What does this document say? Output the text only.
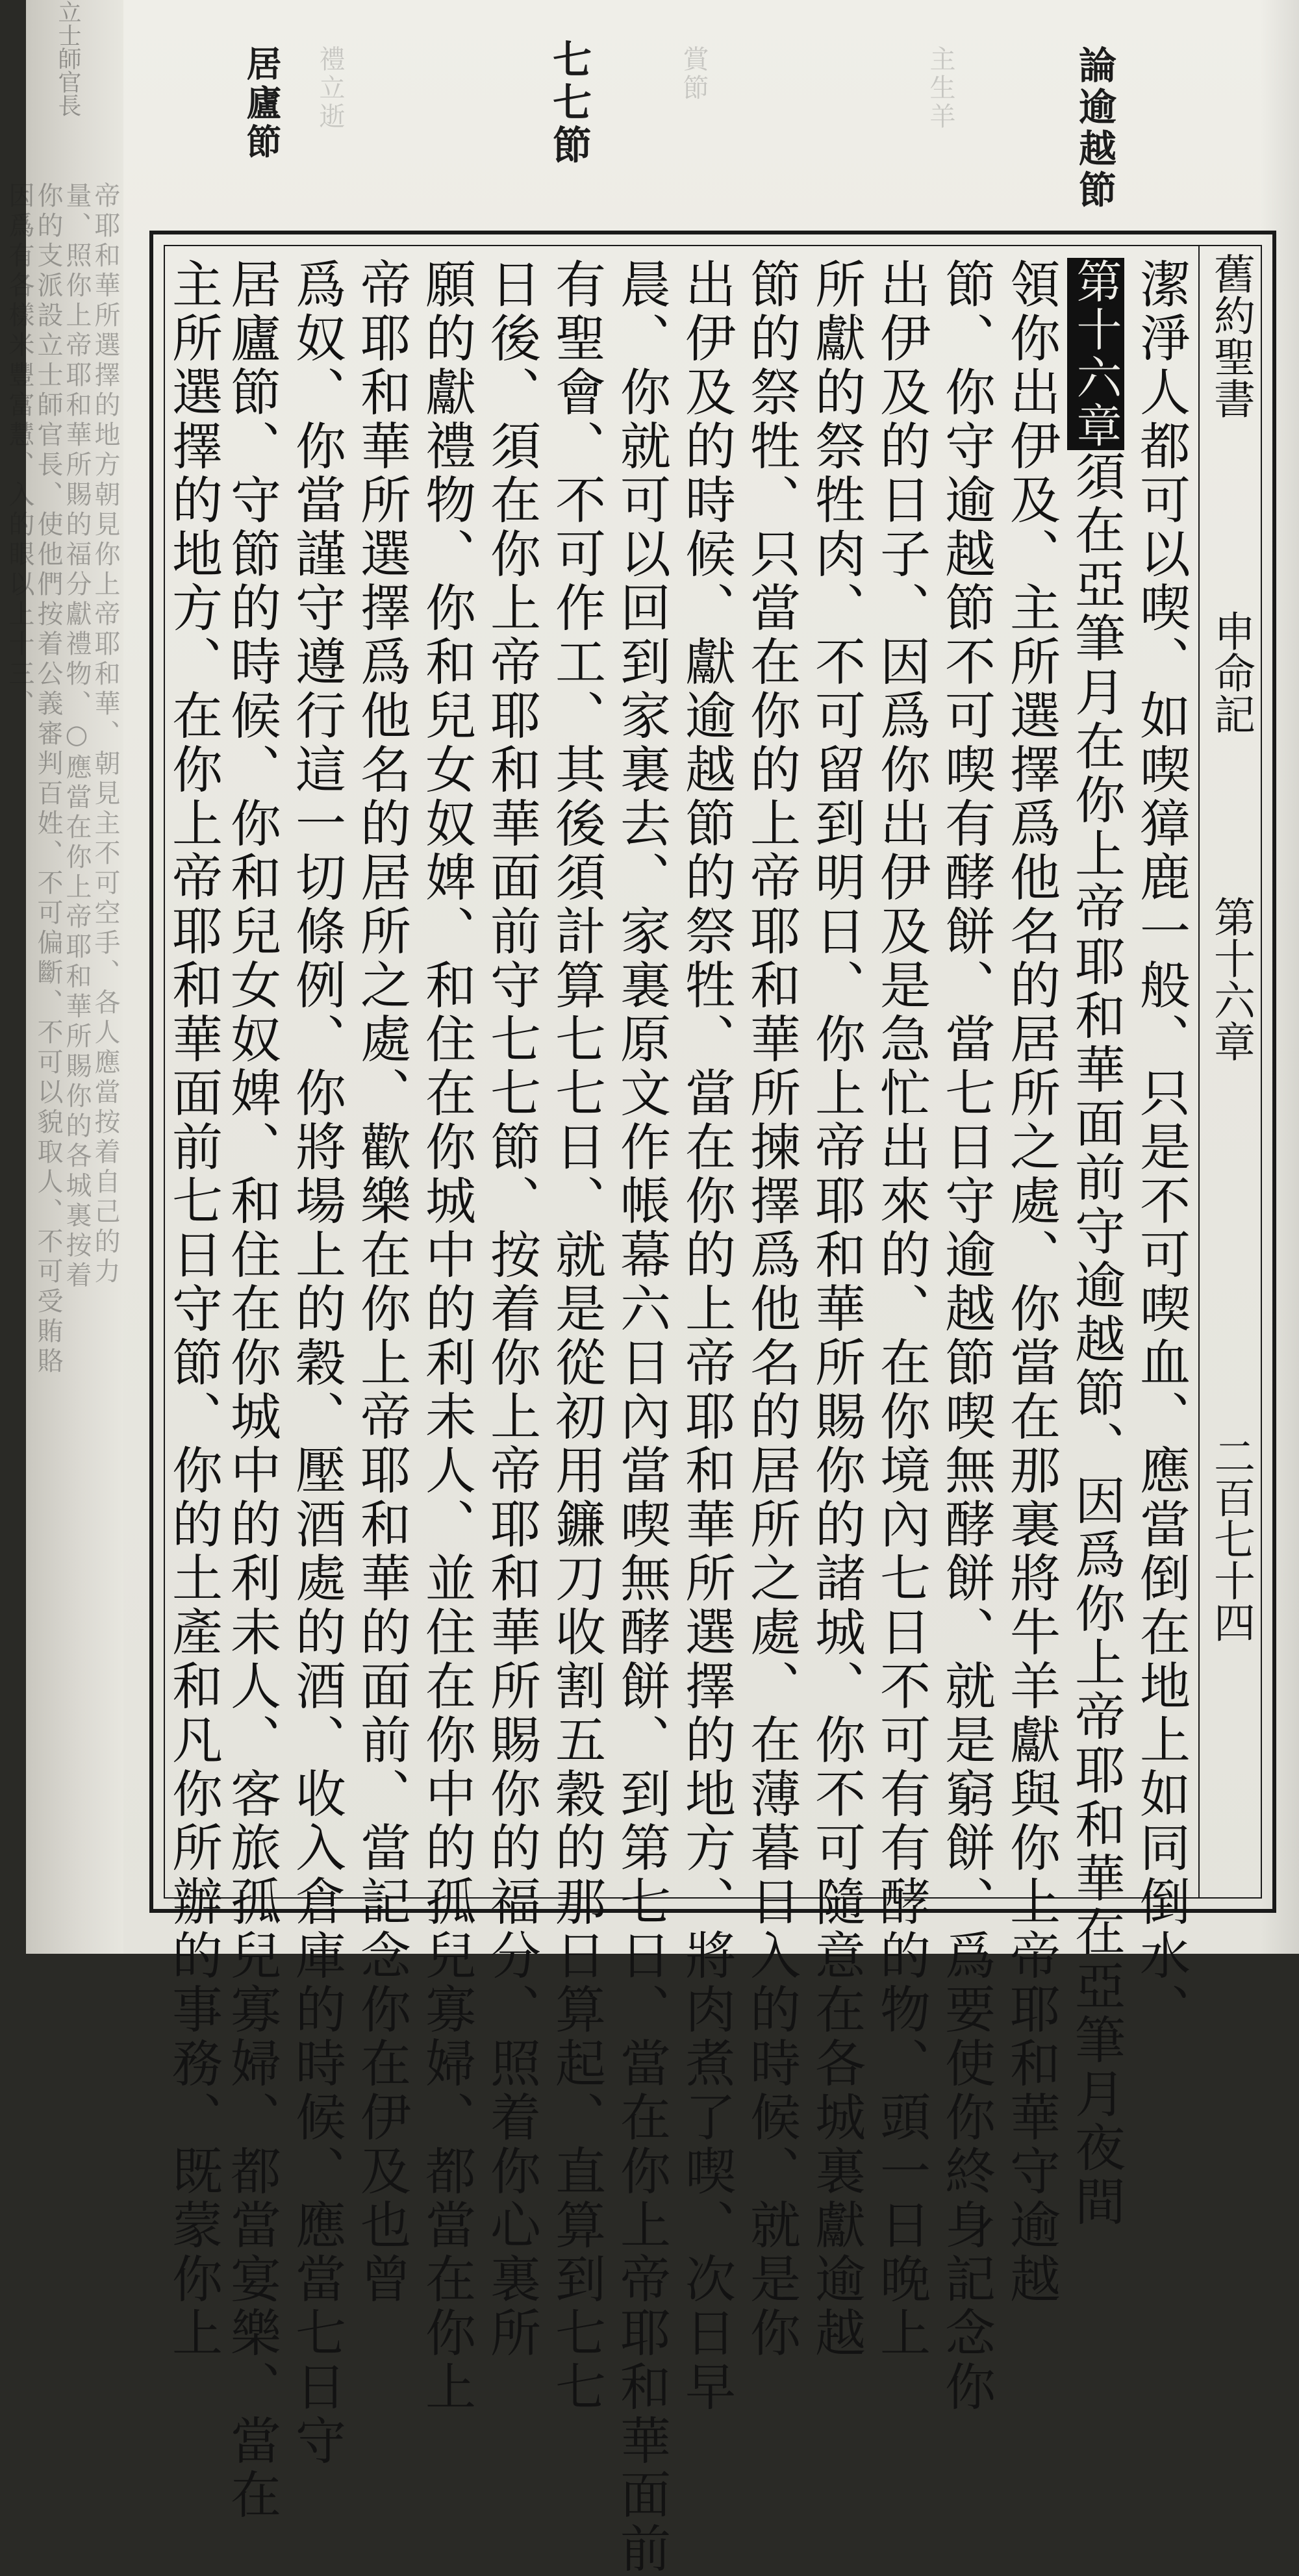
立士師官長
帝耶和華所選擇的地方朝見你上帝耶和華、朝見主不可空手、各人應當按着自己的力
量、照你上帝耶和華所賜的福分獻禮物、○應當在你上帝耶和華所賜你的各城裏按着
你的支派設立士師官長、使他們按着公義審判百姓、不可偏斷、不可以貌取人、不可受賄賂
因爲有各樣米豐富慧、入的眼以上十三、
禮立逝	賞節	主生羊	論逾越節
七七節
居廬節
舊約聖書
申命記
第十六章
二百七十四
潔淨人都可以喫、如喫獐鹿一般、只是不可喫血、應當倒在地上如同倒水、
第十六章須在亞筆月在你上帝耶和華面前守逾越節、因爲你上帝耶和華在亞筆月夜間
領你出伊及、主所選擇爲他名的居所之處、你當在那裏將牛羊獻與你上帝耶和華守逾越
節、你守逾越節不可喫有酵餅、當七日守逾越節喫無酵餅、就是窮餅、爲要使你終身記念你
出伊及的日子、因爲你出伊及是急忙出來的、在你境內七日不可有有酵的物、頭一日晚上
所獻的祭牲肉、不可留到明日、你上帝耶和華所賜你的諸城、你不可隨意在各城裏獻逾越
節的祭牲、只當在你的上帝耶和華所揀擇爲他名的居所之處、在薄暮日入的時候、就是你
出伊及的時候、獻逾越節的祭牲、當在你的上帝耶和華所選擇的地方、將肉煮了喫、次日早
晨、你就可以回到家裏去、家裏原文作帳幕六日內當喫無酵餅、到第七日、當在你上帝耶和華面前
有聖會、不可作工、其後須計算七七日、就是從初用鐮刀收割五穀的那日算起、直算到七七
日後、須在你上帝耶和華面前守七七節、按着你上帝耶和華所賜你的福分、照着你心裏所
願的獻禮物、你和兒女奴婢、和住在你城中的利未人、並住在你中的孤兒寡婦、都當在你上
帝耶和華所選擇爲他名的居所之處、歡樂在你上帝耶和華的面前、當記念你在伊及也曾
爲奴、你當謹守遵行這一切條例、你將場上的穀、壓酒處的酒、收入倉庫的時候、應當七日守
居廬節、守節的時候、你和兒女奴婢、和住在你城中的利未人、客旅孤兒寡婦、都當宴樂、當在
主所選擇的地方、在你上帝耶和華面前七日守節、你的土產和凡你所辦的事務、既蒙你上
